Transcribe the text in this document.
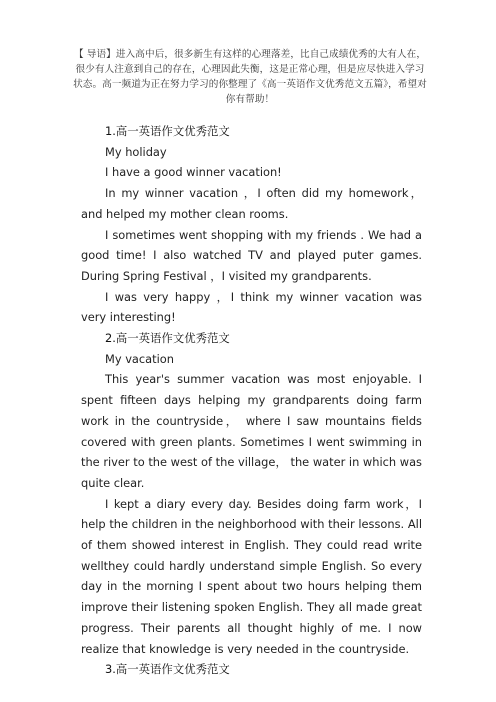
【 导语】进入高中后，很多新生有这样的心理落差，比自己成绩优秀的大有人在，很少有人注意到自己的存在，心理因此失衡，这是正常心理，但是应尽快进入学习状态。高一频道为正在努力学习的你整理了《高一英语作文优秀范文五篇》，希望对你有帮助！

1.高一英语作文优秀范文

My holiday

I have a good winner vacation!

In my winner vacation ，I often did my homework， and helped my mother clean rooms.

I sometimes went shopping with my friends . We had a good time! I also watched TV and played puter games. During Spring Festival ，I visited my grandparents.

I was very happy ，I think my winner vacation was very interesting!

2.高一英语作文优秀范文

My vacation

This year's summer vacation was most enjoyable. I spent fifteen days helping my grandparents doing farm work in the countryside， where I saw mountains fields covered with green plants. Sometimes I went swimming in the river to the west of the village， the water in which was quite clear.

I kept a diary every day. Besides doing farm work，I help the children in the neighborhood with their lessons. All of them showed interest in English. They could read write wellthey could hardly understand simple English. So every day in the morning I spent about two hours helping them improve their listening spoken English. They all made great progress. Their parents all thought highly of me. I now realize that knowledge is very needed in the countryside.

3.高一英语作文优秀范文
